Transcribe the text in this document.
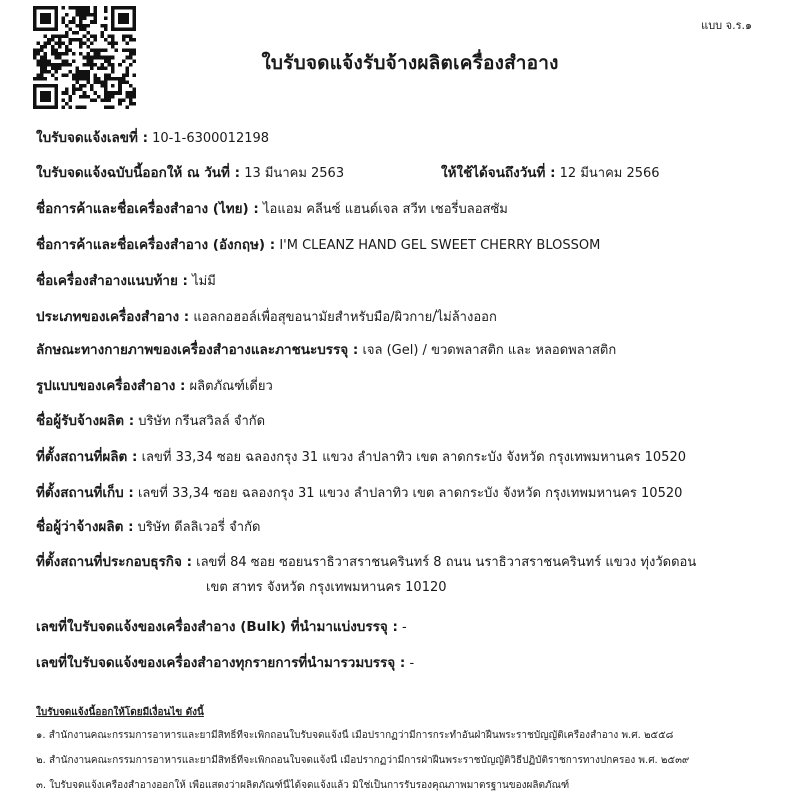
แบบ จ.ร.๑
ใบรับจดแจ้งรับจ้างผลิตเครื่องสำอาง
ใบรับจดแจ้งเลขที่ : 10-1-6300012198
ใบรับจดแจ้งฉบับนี้ออกให้ ณ วันที่ : 13 มีนาคม 2563	ให้ใช้ได้จนถึงวันที่ : 12 มีนาคม 2566
ชื่อการค้าและชื่อเครื่องสำอาง (ไทย) : ไอแอม คลีนซ์ แฮนด์เจล สวีท เชอรี่บลอสซัม
ชื่อการค้าและชื่อเครื่องสำอาง (อังกฤษ) : I'M CLEANZ HAND GEL SWEET CHERRY BLOSSOM
ชื่อเครื่องสำอางแนบท้าย : ไม่มี
ประเภทของเครื่องสำอาง : แอลกอฮอล์เพื่อสุขอนามัยสำหรับมือ/ผิวกาย/ไม่ล้างออก
ลักษณะทางกายภาพของเครื่องสำอางและภาชนะบรรจุ : เจล (Gel) / ขวดพลาสติก และ หลอดพลาสติก
รูปแบบของเครื่องสำอาง : ผลิตภัณฑ์เดี่ยว
ชื่อผู้รับจ้างผลิต : บริษัท กรีนสวิลล์ จำกัด
ที่ตั้งสถานที่ผลิต : เลขที่ 33,34 ซอย ฉลองกรุง 31 แขวง ลำปลาทิว เขต ลาดกระบัง จังหวัด กรุงเทพมหานคร 10520
ที่ตั้งสถานที่เก็บ : เลขที่ 33,34 ซอย ฉลองกรุง 31 แขวง ลำปลาทิว เขต ลาดกระบัง จังหวัด กรุงเทพมหานคร 10520
ชื่อผู้ว่าจ้างผลิต : บริษัท ดีลลิเวอรี่ จำกัด
ที่ตั้งสถานที่ประกอบธุรกิจ : เลขที่ 84 ซอย ซอยนราธิวาสราชนครินทร์ 8 ถนน นราธิวาสราชนครินทร์ แขวง ทุ่งวัดดอน
เขต สาทร จังหวัด กรุงเทพมหานคร 10120
เลขที่ใบรับจดแจ้งของเครื่องสำอาง (Bulk) ที่นำมาแบ่งบรรจุ : -
เลขที่ใบรับจดแจ้งของเครื่องสำอางทุกรายการที่นำมารวมบรรจุ : -
ใบรับจดแจ้งนี้ออกให้โดยมีเงื่อนไข ดังนี้
๑. สำนักงานคณะกรรมการอาหารและยามีสิทธิ์ที่จะเพิกถอนใบรับจดแจ้งนี้ เมื่อปรากฏว่ามีการกระทำอันฝ่าฝืนพระราชบัญญัติเครื่องสำอาง พ.ศ. ๒๕๕๘
๒. สำนักงานคณะกรรมการอาหารและยามีสิทธิ์ที่จะเพิกถอนใบจดแจ้งนี้ เมื่อปรากฏว่ามีการฝ่าฝืนพระราชบัญญัติวิธีปฏิบัติราชการทางปกครอง พ.ศ. ๒๕๓๙
๓. ใบรับจดแจ้งเครื่องสำอางออกให้ เพื่อแสดงว่าผลิตภัณฑ์นี้ได้จดแจ้งแล้ว มิใช่เป็นการรับรองคุณภาพมาตรฐานของผลิตภัณฑ์
